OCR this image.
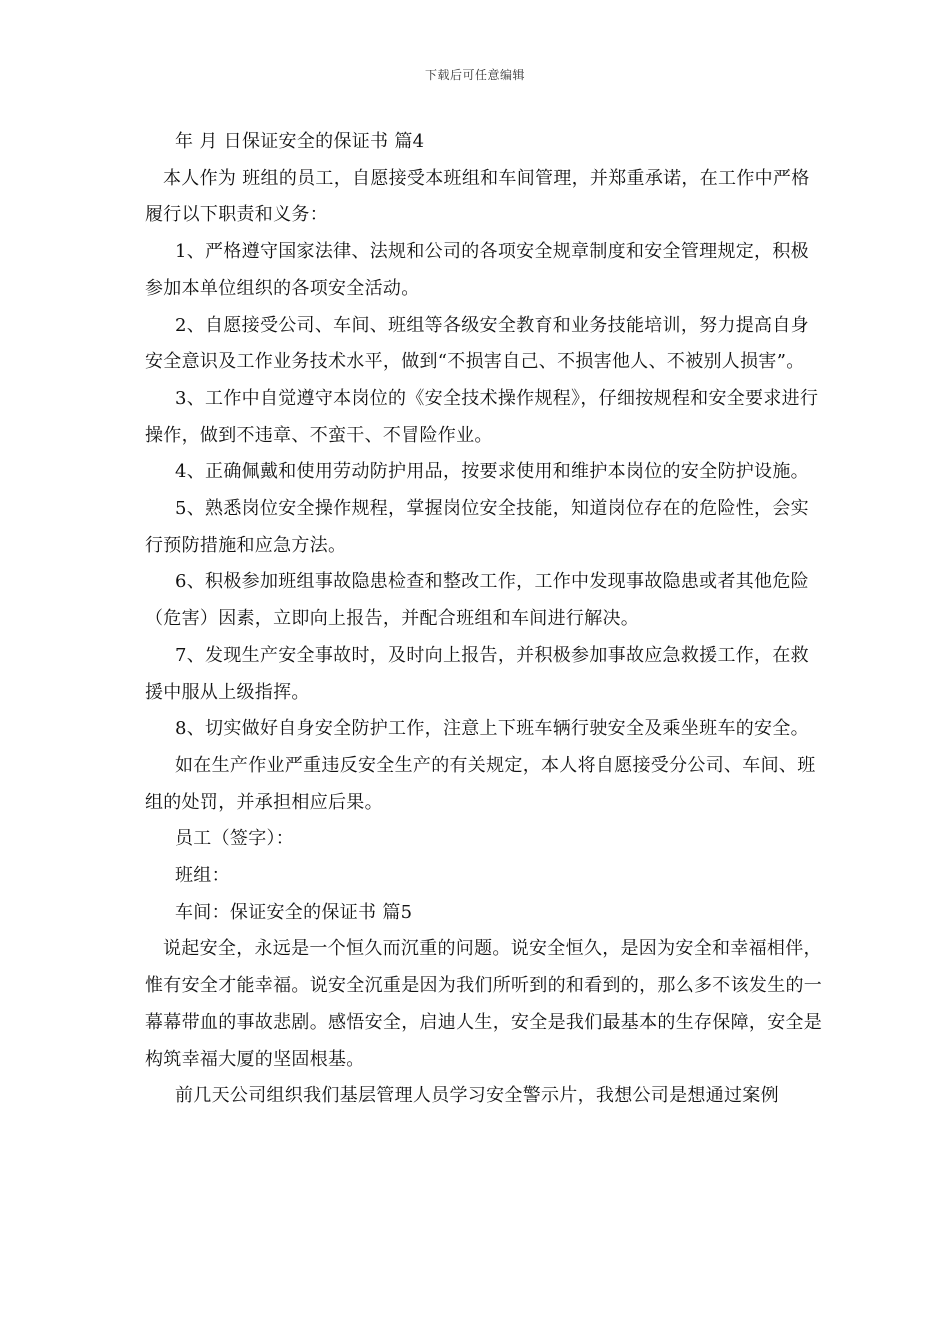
下载后可任意编辑

年 月 日保证安全的保证书 篇4

本人作为 班组的员工，自愿接受本班组和车间管理，并郑重承诺，在工作中严格履行以下职责和义务：

1、严格遵守国家法律、法规和公司的各项安全规章制度和安全管理规定，积极参加本单位组织的各项安全活动。

2、自愿接受公司、车间、班组等各级安全教育和业务技能培训，努力提高自身安全意识及工作业务技术水平，做到“不损害自己、不损害他人、不被别人损害”。

3、工作中自觉遵守本岗位的《安全技术操作规程》，仔细按规程和安全要求进行操作，做到不违章、不蛮干、不冒险作业。

4、正确佩戴和使用劳动防护用品，按要求使用和维护本岗位的安全防护设施。

5、熟悉岗位安全操作规程，掌握岗位安全技能，知道岗位存在的危险性，会实行预防措施和应急方法。

6、积极参加班组事故隐患检查和整改工作，工作中发现事故隐患或者其他危险（危害）因素，立即向上报告，并配合班组和车间进行解决。

7、发现生产安全事故时，及时向上报告，并积极参加事故应急救援工作，在救援中服从上级指挥。

8、切实做好自身安全防护工作，注意上下班车辆行驶安全及乘坐班车的安全。

如在生产作业严重违反安全生产的有关规定，本人将自愿接受分公司、车间、班组的处罚，并承担相应后果。

员工（签字）：

班组：

车间：保证安全的保证书 篇5

说起安全，永远是一个恒久而沉重的问题。说安全恒久，是因为安全和幸福相伴，惟有安全才能幸福。说安全沉重是因为我们所听到的和看到的，那么多不该发生的一幕幕带血的事故悲剧。感悟安全，启迪人生，安全是我们最基本的生存保障，安全是构筑幸福大厦的坚固根基。

前几天公司组织我们基层管理人员学习安全警示片，我想公司是想通过案例
